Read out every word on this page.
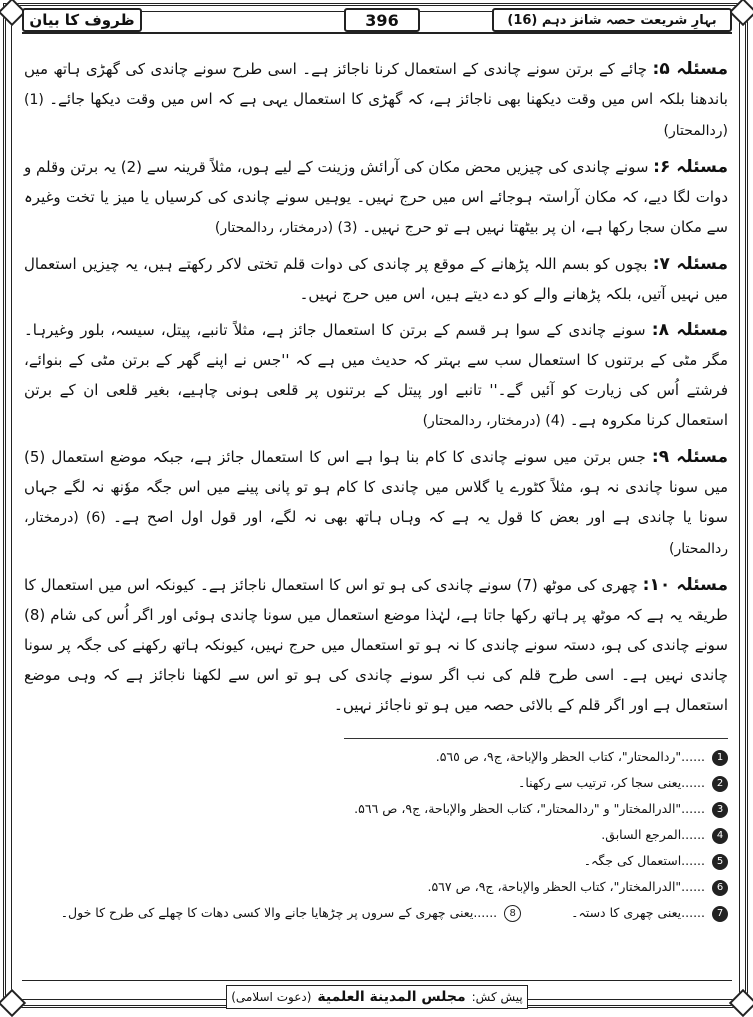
ظروف کا بیان	396	بہارِ شریعت حصہ شانز دہم (16)

مسئلہ ۵: چائے کے برتن سونے چاندی کے استعمال کرنا ناجائز ہے۔ اسی طرح سونے چاندی کی گھڑی ہاتھ میں باندھنا بلکہ اس میں وقت دیکھنا بھی ناجائز ہے، کہ گھڑی کا استعمال یہی ہے کہ اس میں وقت دیکھا جائے۔ (1) (ردالمحتار)

مسئلہ ۶: سونے چاندی کی چیزیں محض مکان کی آرائش وزینت کے لیے ہوں، مثلاً قرینہ سے (2) یہ برتن وقلم و دوات لگا دیے، کہ مکان آراستہ ہوجائے اس میں حرج نہیں۔ یوہیں سونے چاندی کی کرسیاں یا میز یا تخت وغیرہ سے مکان سجا رکھا ہے، ان پر بیٹھتا نہیں ہے تو حرج نہیں۔ (3) (درمختار، ردالمحتار)

مسئلہ ۷: بچوں کو بسم اللہ پڑھانے کے موقع پر چاندی کی دوات قلم تختی لاکر رکھتے ہیں، یہ چیزیں استعمال میں نہیں آتیں، بلکہ پڑھانے والے کو دے دیتے ہیں، اس میں حرج نہیں۔

مسئلہ ۸: سونے چاندی کے سوا ہر قسم کے برتن کا استعمال جائز ہے، مثلاً تانبے، پیتل، سیسہ، بلور وغیرہا۔ مگر مٹی کے برتنوں کا استعمال سب سے بہتر کہ حدیث میں ہے کہ ''جس نے اپنے گھر کے برتن مٹی کے بنوائے، فرشتے اُس کی زیارت کو آئیں گے۔'' تانبے اور پیتل کے برتنوں پر قلعی ہونی چاہیے، بغیر قلعی ان کے برتن استعمال کرنا مکروہ ہے۔ (4) (درمختار، ردالمحتار)

مسئلہ ۹: جس برتن میں سونے چاندی کا کام بنا ہوا ہے اس کا استعمال جائز ہے، جبکہ موضع استعمال (5) میں سونا چاندی نہ ہو، مثلاً کٹورے یا گلاس میں چاندی کا کام ہو تو پانی پینے میں اس جگہ موٗنھ نہ لگے جہاں سونا یا چاندی ہے اور بعض کا قول یہ ہے کہ وہاں ہاتھ بھی نہ لگے، اور قول اول اصح ہے۔ (6) (درمختار، ردالمحتار)

مسئلہ ۱۰: چھری کی موٹھ (7) سونے چاندی کی ہو تو اس کا استعمال ناجائز ہے۔ کیونکہ اس میں استعمال کا طریقہ یہ ہے کہ موٹھ پر ہاتھ رکھا جاتا ہے، لہٰذا موضع استعمال میں سونا چاندی ہوئی اور اگر اُس کی شام (8) سونے چاندی کی ہو، دستہ سونے چاندی کا نہ ہو تو استعمال میں حرج نہیں، کیونکہ ہاتھ رکھنے کی جگہ پر سونا چاندی نہیں ہے۔ اسی طرح قلم کی نب اگر سونے چاندی کی ہو تو اس سے لکھنا ناجائز ہے کہ وہی موضع استعمال ہے اور اگر قلم کے بالائی حصہ میں ہو تو ناجائز نہیں۔

1 ......"ردالمحتار"، کتاب الحظر والإباحة، ج۹، ص ۵٦٥.
2 ......یعنی سجا کر، ترتیب سے رکھنا۔
3 ......"الدرالمختار" و "ردالمحتار"، کتاب الحظر والإباحة، ج۹، ص ۵٦٦.
4 ......المرجع السابق.
5 ......استعمال کی جگہ۔
6 ......"الدرالمختار"، کتاب الحظر والإباحة، ج۹، ص ۵٦٧.
7 ......یعنی چھری کا دستہ۔
8 ......یعنی چھری کے سروں پر چڑھایا جانے والا کسی دھات کا چھلے کی طرح کا خول۔
پیش کش:
مجلس المدينة العلمية
(دعوت اسلامی)
